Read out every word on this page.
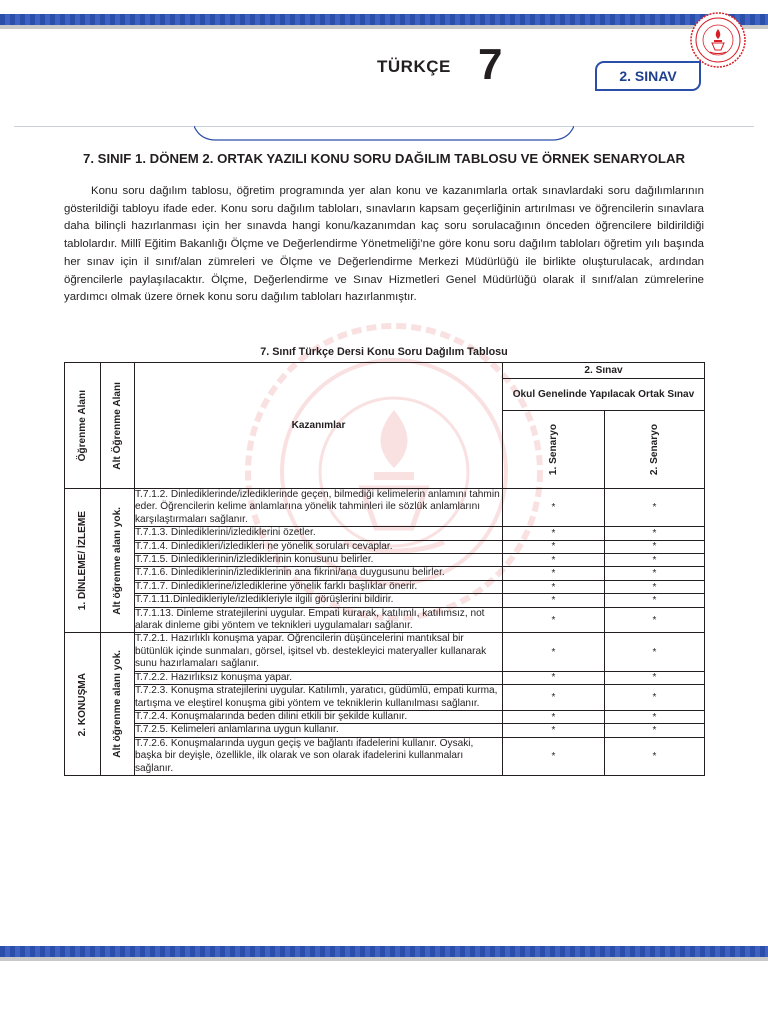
TÜRKÇE 7	2. SINAV
7. SINIF 1. DÖNEM 2. ORTAK YAZILI KONU SORU DAĞILIM TABLOSU VE ÖRNEK SENARYOLAR

Konu soru dağılım tablosu, öğretim programında yer alan konu ve kazanımlarla ortak sınavlardaki soru dağılımlarının gösterildiği tabloyu ifade eder. Konu soru dağılım tabloları, sınavların kapsam geçerliğinin artırılması ve öğrencilerin sınavlara daha bilinçli hazırlanması için her sınavda hangi konu/kazanımdan kaç soru sorulacağının önceden öğrencilere bildirildiği tablolardır. Millî Eğitim Bakanlığı Ölçme ve Değerlendirme Yönetmeliği’ne göre konu soru dağılım tabloları öğretim yılı başında her sınav için il sınıf/alan zümreleri ve Ölçme ve Değerlendirme Merkezi Müdürlüğü ile birlikte oluşturulacak, ardından öğrencilerle paylaşılacaktır. Ölçme, Değerlendirme ve Sınav Hizmetleri Genel Müdürlüğü olarak il sınıf/alan zümrelerine yardımcı olmak üzere örnek konu soru dağılım tabloları hazırlanmıştır.

7. Sınıf Türkçe Dersi Konu Soru Dağılım Tablosu
Öğrenme Alanı	Alt Öğrenme Alanı	Kazanımlar	2. Sınav	
			Okul Genelinde Yapılacak Ortak Sınav	

			1. Senaryo	2. Senaryo

1. DİNLEME/ İZLEME	Alt öğrenme alanı yok.	T.7.1.2. Dinlediklerinde/izlediklerinde geçen, bilmediği kelimelerin anlamını tahmin eder. Öğrencilerin kelime anlamlarına yönelik tahminleri ile sözlük anlamlarını karşılaştırmaları sağlanır.	*	*
		T.7.1.3. Dinlediklerini/izlediklerini özetler.	*	*
		T.7.1.4. Dinledikleri/izledikleri ne yönelik soruları cevaplar.	*	*
		T.7.1.5. Dinlediklerinin/izlediklerinin konusunu belirler.	*	*
		T.7.1.6. Dinlediklerinin/izlediklerinin ana fikrini/ana duygusunu belirler.	*	*
		T.7.1.7. Dinlediklerine/izlediklerine yönelik farklı başlıklar önerir.	*	*
		T.7.1.11.Dinledikleriyle/izledikleriyle ilgili görüşlerini bildirir.	*	*
		T.7.1.13. Dinleme stratejilerini uygular. Empati kurarak, katılımlı, katılımsız, not alarak dinleme gibi yöntem ve teknikleri uygulamaları sağlanır.	*	*

2. KONUŞMA	Alt öğrenme alanı yok.	T.7.2.1. Hazırlıklı konuşma yapar. Öğrencilerin düşüncelerini mantıksal bir bütünlük içinde sunmaları, görsel, işitsel vb. destekleyici materyaller kullanarak sunu hazırlamaları sağlanır.	*	*
		T.7.2.2. Hazırlıksız konuşma yapar.	*	*
		T.7.2.3. Konuşma stratejilerini uygular. Katılımlı, yaratıcı, güdümlü, empati kurma, tartışma ve eleştirel konuşma gibi yöntem ve tekniklerin kullanılması sağlanır.	*	*
		T.7.2.4. Konuşmalarında beden dilini etkili bir şekilde kullanır.	*	*
		T.7.2.5. Kelimeleri anlamlarına uygun kullanır.	*	*
		T.7.2.6. Konuşmalarında uygun geçiş ve bağlantı ifadelerini kullanır. Oysaki, başka bir deyişle, özellikle, ilk olarak ve son olarak ifadelerini kullanmaları sağlanır.	*	*
